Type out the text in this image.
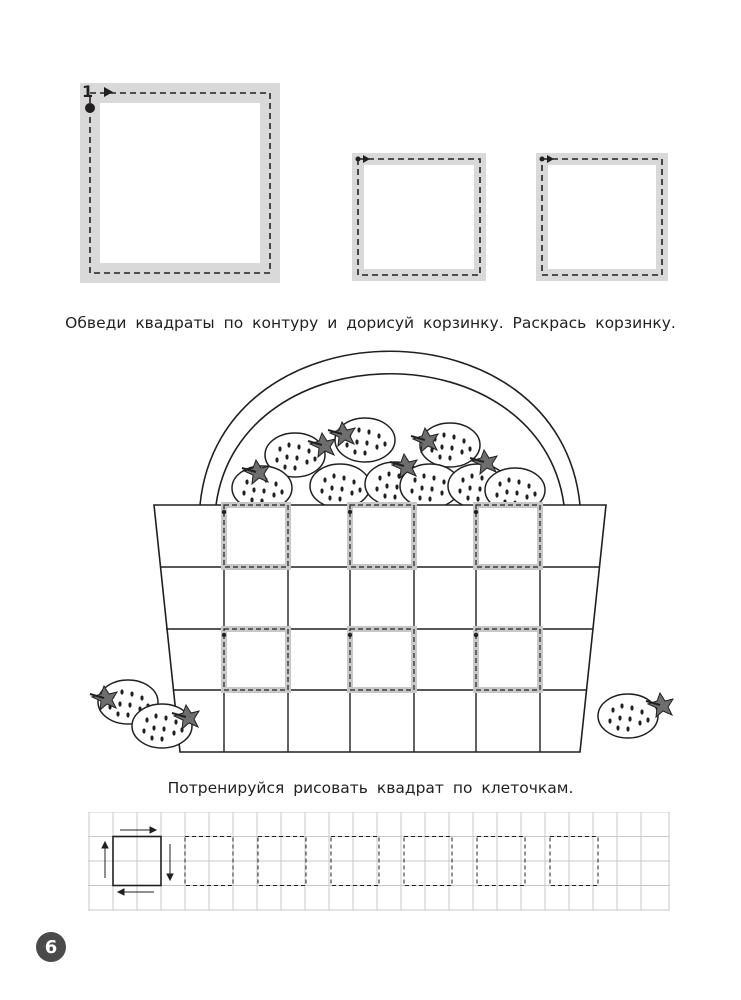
1
Обведи квадраты по контуру и дорисуй корзинку. Раскрась корзинку.
Потренируйся рисовать квадрат по клеточкам.
6
